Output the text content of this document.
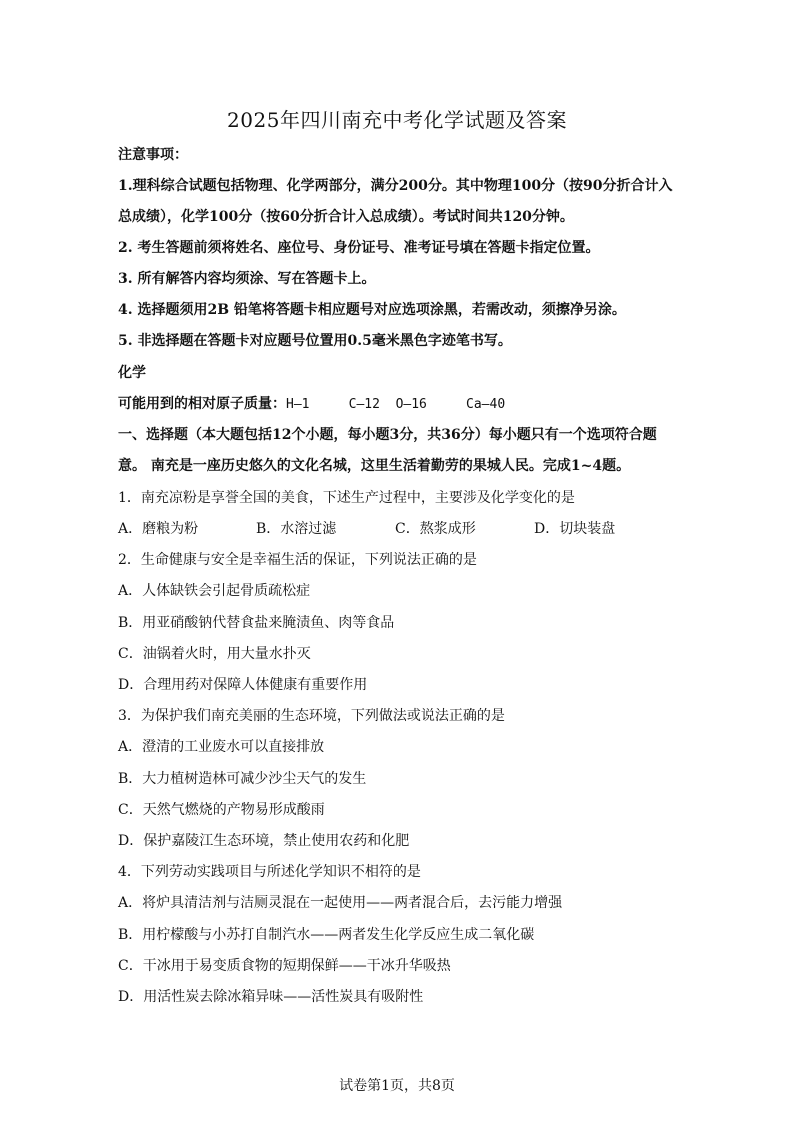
2025年四川南充中考化学试题及答案
注意事项：
1.理科综合试题包括物理、化学两部分，满分200分。其中物理100分（按90分折合计入
总成绩），化学100分（按60分折合计入总成绩）。考试时间共120分钟。
2. 考生答题前须将姓名、座位号、身份证号、准考证号填在答题卡指定位置。
3. 所有解答内容均须涂、写在答题卡上。
4. 选择题须用2B 铅笔将答题卡相应题号对应选项涂黑，若需改动，须擦净另涂。
5. 非选择题在答题卡对应题号位置用0.5毫米黑色字迹笔书写。
化学
可能用到的相对原子质量：H—1     C—12  O—16     Ca—40
一、选择题（本大题包括12个小题，每小题3分，共36分）每小题只有一个选项符合题
意。 南充是一座历史悠久的文化名城，这里生活着勤劳的果城人民。完成1~4题。
1．南充凉粉是享誉全国的美食，下述生产过程中，主要涉及化学变化的是
A．磨粮为粉	B．水溶过滤	C．熬浆成形	D．切块装盘
2．生命健康与安全是幸福生活的保证，下列说法正确的是
A．人体缺铁会引起骨质疏松症
B．用亚硝酸钠代替食盐来腌渍鱼、肉等食品
C．油锅着火时，用大量水扑灭
D．合理用药对保障人体健康有重要作用
3．为保护我们南充美丽的生态环境，下列做法或说法正确的是
A．澄清的工业废水可以直接排放
B．大力植树造林可减少沙尘天气的发生
C．天然气燃烧的产物易形成酸雨
D．保护嘉陵江生态环境，禁止使用农药和化肥
4．下列劳动实践项目与所述化学知识不相符的是
A．将炉具清洁剂与洁厕灵混在一起使用——两者混合后，去污能力增强
B．用柠檬酸与小苏打自制汽水——两者发生化学反应生成二氧化碳
C．干冰用于易变质食物的短期保鲜——干冰升华吸热
D．用活性炭去除冰箱异味——活性炭具有吸附性
试卷第1页，共8页
